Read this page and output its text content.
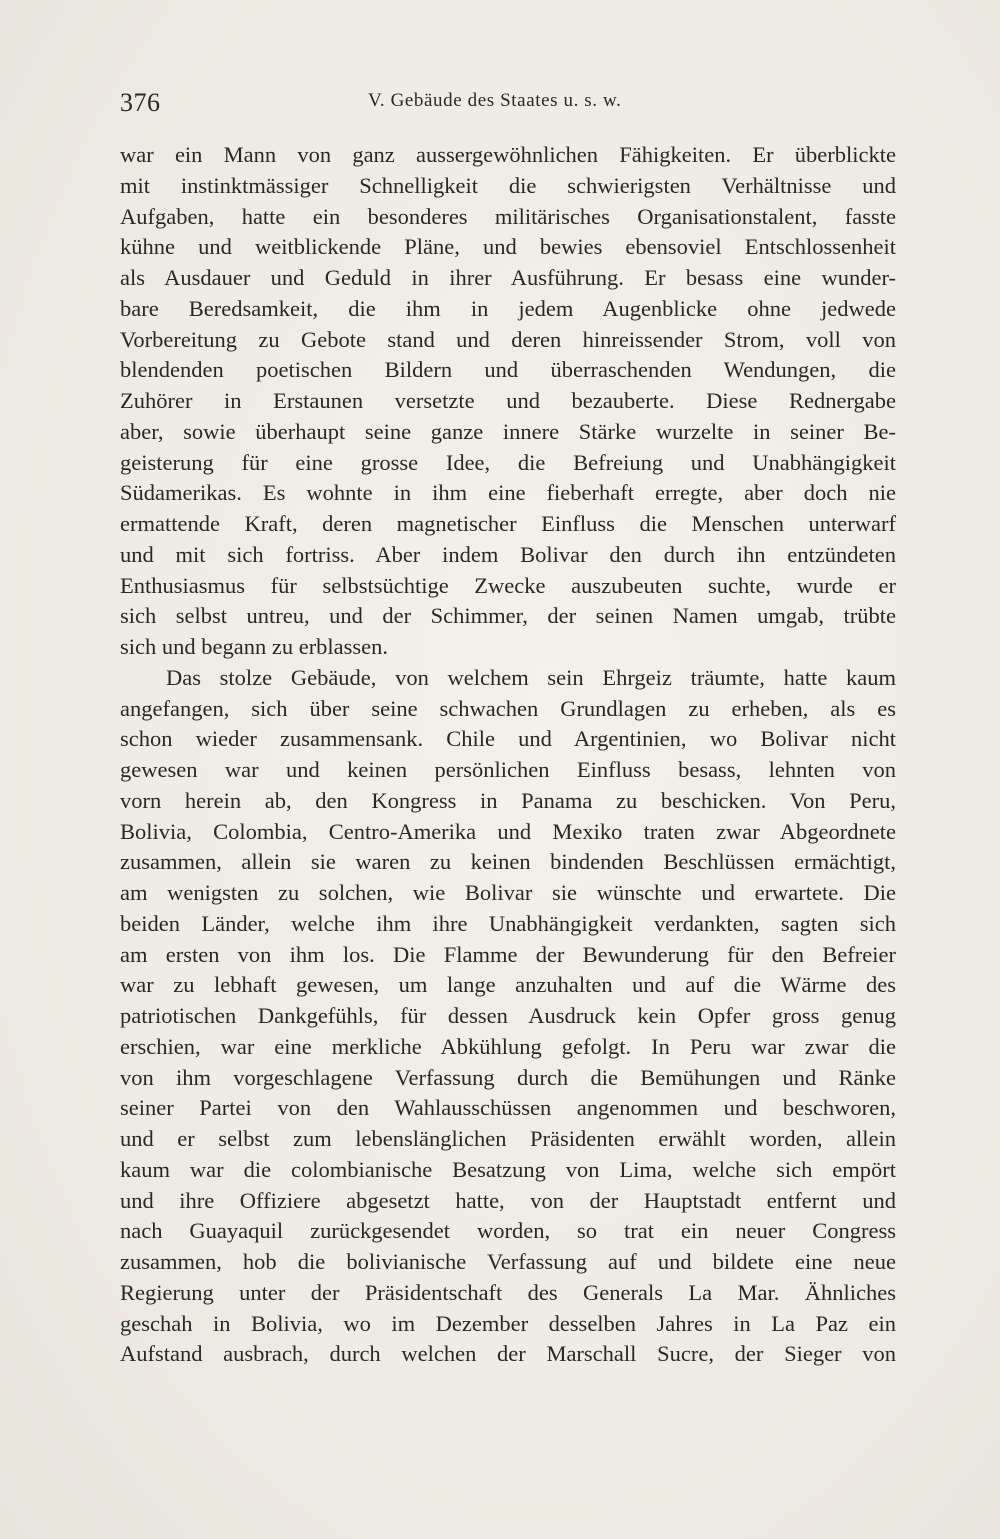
376	V. Gebäude des Staates u. s. w.
war ein Mann von ganz aussergewöhnlichen Fähigkeiten. Er überblickte
mit instinktmässiger Schnelligkeit die schwierigsten Verhältnisse und
Aufgaben, hatte ein besonderes militärisches Organisationstalent, fasste
kühne und weitblickende Pläne, und bewies ebensoviel Entschlossenheit
als Ausdauer und Geduld in ihrer Ausführung. Er besass eine wunder-
bare Beredsamkeit, die ihm in jedem Augenblicke ohne jedwede
Vorbereitung zu Gebote stand und deren hinreissender Strom, voll von
blendenden poetischen Bildern und überraschenden Wendungen, die
Zuhörer in Erstaunen versetzte und bezauberte. Diese Rednergabe
aber, sowie überhaupt seine ganze innere Stärke wurzelte in seiner Be-
geisterung für eine grosse Idee, die Befreiung und Unabhängigkeit
Südamerikas. Es wohnte in ihm eine fieberhaft erregte, aber doch nie
ermattende Kraft, deren magnetischer Einfluss die Menschen unterwarf
und mit sich fortriss. Aber indem Bolivar den durch ihn entzündeten
Enthusiasmus für selbstsüchtige Zwecke auszubeuten suchte, wurde er
sich selbst untreu, und der Schimmer, der seinen Namen umgab, trübte
sich und begann zu erblassen.
Das stolze Gebäude, von welchem sein Ehrgeiz träumte, hatte kaum
angefangen, sich über seine schwachen Grundlagen zu erheben, als es
schon wieder zusammensank. Chile und Argentinien, wo Bolivar nicht
gewesen war und keinen persönlichen Einfluss besass, lehnten von
vorn herein ab, den Kongress in Panama zu beschicken. Von Peru,
Bolivia, Colombia, Centro-Amerika und Mexiko traten zwar Abgeordnete
zusammen, allein sie waren zu keinen bindenden Beschlüssen ermächtigt,
am wenigsten zu solchen, wie Bolivar sie wünschte und erwartete. Die
beiden Länder, welche ihm ihre Unabhängigkeit verdankten, sagten sich
am ersten von ihm los. Die Flamme der Bewunderung für den Befreier
war zu lebhaft gewesen, um lange anzuhalten und auf die Wärme des
patriotischen Dankgefühls, für dessen Ausdruck kein Opfer gross genug
erschien, war eine merkliche Abkühlung gefolgt. In Peru war zwar die
von ihm vorgeschlagene Verfassung durch die Bemühungen und Ränke
seiner Partei von den Wahlausschüssen angenommen und beschworen,
und er selbst zum lebenslänglichen Präsidenten erwählt worden, allein
kaum war die colombianische Besatzung von Lima, welche sich empört
und ihre Offiziere abgesetzt hatte, von der Hauptstadt entfernt und
nach Guayaquil zurückgesendet worden, so trat ein neuer Congress
zusammen, hob die bolivianische Verfassung auf und bildete eine neue
Regierung unter der Präsidentschaft des Generals La Mar. Ähnliches
geschah in Bolivia, wo im Dezember desselben Jahres in La Paz ein
Aufstand ausbrach, durch welchen der Marschall Sucre, der Sieger von
